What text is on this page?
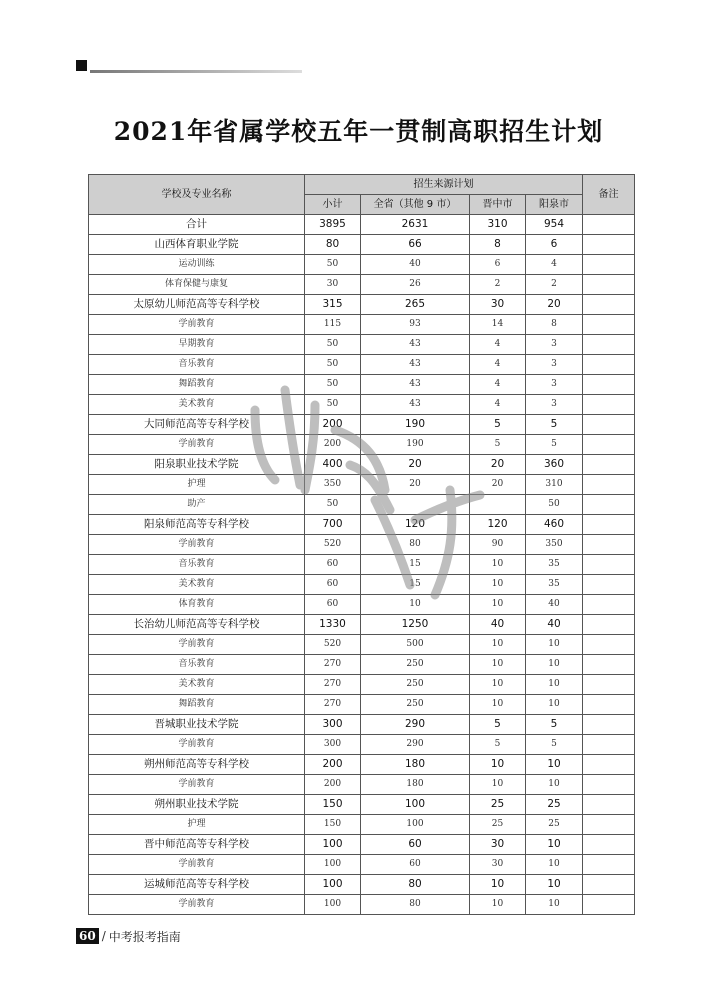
2021年省属学校五年一贯制高职招生计划
学校及专业名称	招生来源计划				备注
	小计	全省（其他 9 市）	晋中市	阳泉市	
合计	3895	2631	310	954	
山西体育职业学院	80	66	8	6	
运动训练	50	40	6	4	
体育保健与康复	30	26	2	2	
太原幼儿师范高等专科学校	315	265	30	20	
学前教育	115	93	14	8	
早期教育	50	43	4	3	
音乐教育	50	43	4	3	
舞蹈教育	50	43	4	3	
美术教育	50	43	4	3	
大同师范高等专科学校	200	190	5	5	
学前教育	200	190	5	5	
阳泉职业技术学院	400	20	20	360	
护理	350	20	20	310	
助产	50			50	
阳泉师范高等专科学校	700	120	120	460	
学前教育	520	80	90	350	
音乐教育	60	15	10	35	
美术教育	60	15	10	35	
体育教育	60	10	10	40	
长治幼儿师范高等专科学校	1330	1250	40	40	
学前教育	520	500	10	10	
音乐教育	270	250	10	10	
美术教育	270	250	10	10	
舞蹈教育	270	250	10	10	
晋城职业技术学院	300	290	5	5	
学前教育	300	290	5	5	
朔州师范高等专科学校	200	180	10	10	
学前教育	200	180	10	10	
朔州职业技术学院	150	100	25	25	
护理	150	100	25	25	
晋中师范高等专科学校	100	60	30	10	
学前教育	100	60	30	10	
运城师范高等专科学校	100	80	10	10	
学前教育	100	80	10	10	
60 / 中考报考指南
